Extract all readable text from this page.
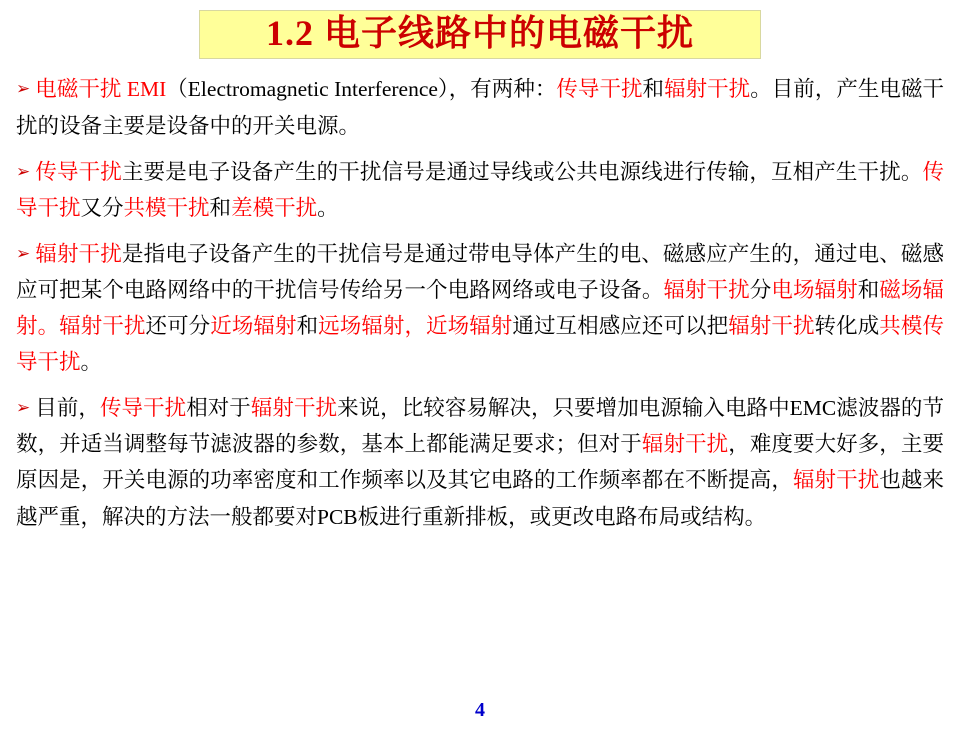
1.2 电子线路中的电磁干扰
➢ 电磁干扰 EMI（Electromagnetic Interference），有两种：传导干扰和辐射干扰。目前，产生电磁干扰的设备主要是设备中的开关电源。
➢ 传导干扰主要是电子设备产生的干扰信号是通过导线或公共电源线进行传输，互相产生干扰。传导干扰又分共模干扰和差模干扰。
➢ 辐射干扰是指电子设备产生的干扰信号是通过带电导体产生的电、磁感应产生的，通过电、磁感应可把某个电路网络中的干扰信号传给另一个电路网络或电子设备。辐射干扰分电场辐射和磁场辐射。辐射干扰还可分近场辐射和远场辐射，近场辐射通过互相感应还可以把辐射干扰转化成共模传导干扰。
➢ 目前，传导干扰相对于辐射干扰来说，比较容易解决，只要增加电源输入电路中EMC滤波器的节数，并适当调整每节滤波器的参数，基本上都能满足要求；但对于辐射干扰，难度要大好多，主要原因是，开关电源的功率密度和工作频率以及其它电路的工作频率都在不断提高，辐射干扰也越来越严重，解决的方法一般都要对PCB板进行重新排板，或更改电路布局或结构。
4
